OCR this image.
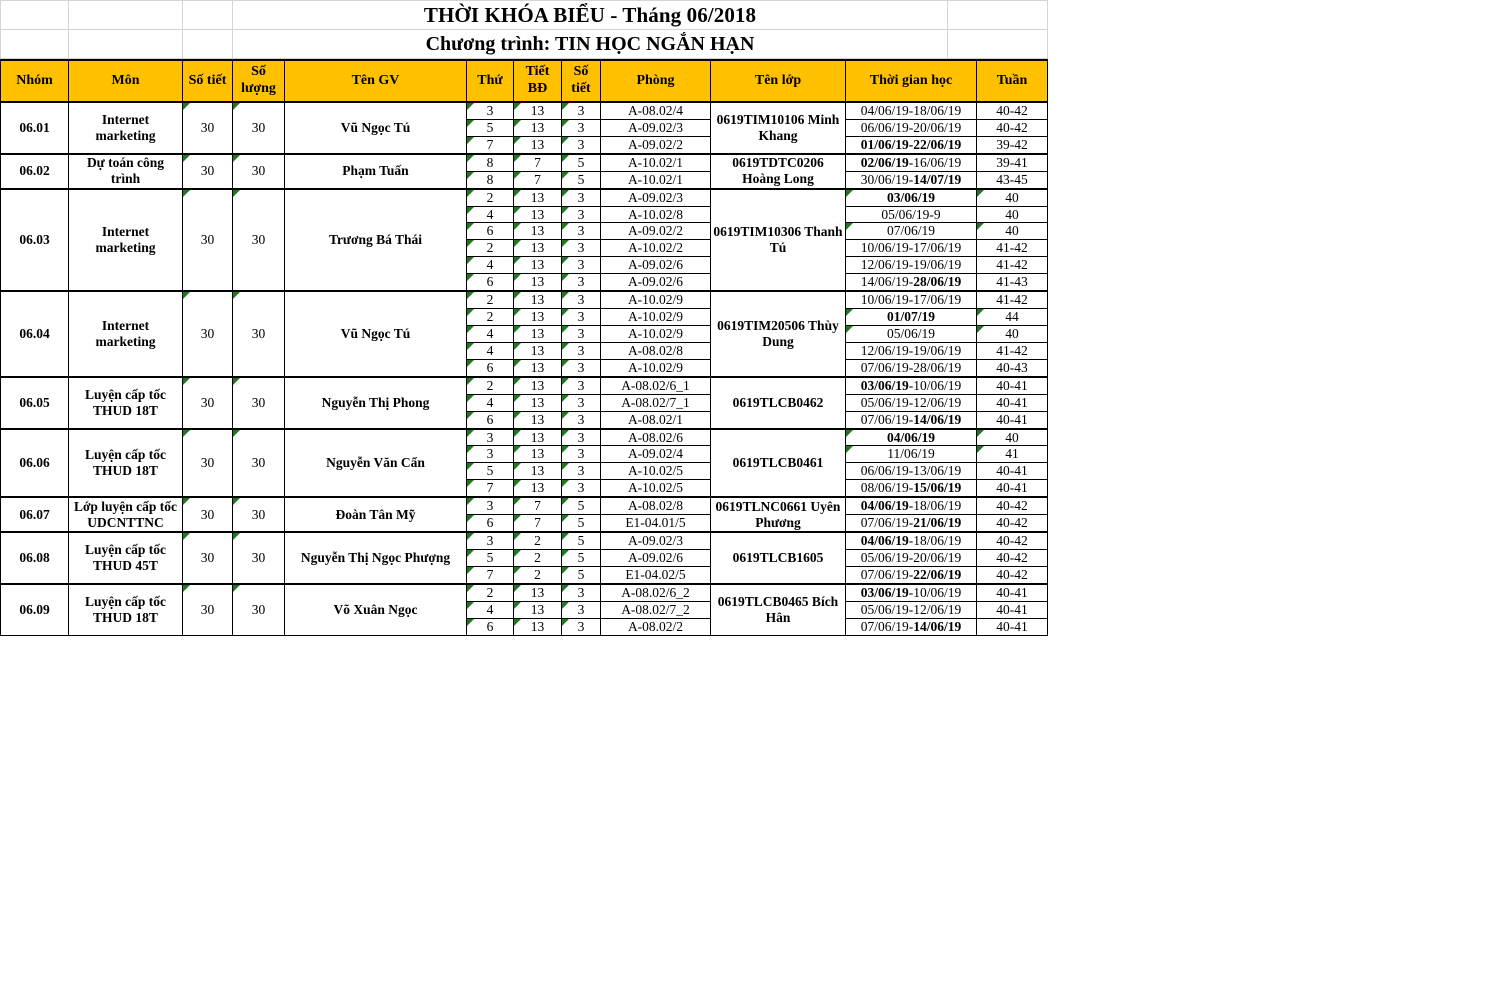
			THỜI KHÓA BIỂU - Tháng 06/2018	
			Chương trình: TIN HỌC NGẮN HẠN	
Nhóm	Môn	Số tiết	Số lượng	Tên GV	Thứ	Tiết BĐ	Số tiết	Phòng	Tên lớp	Thời gian học	Tuần
06.01	Internet marketing	30	30	Vũ Ngọc Tú	3	13	3	A-08.02/4	0619TIM10106 Minh Khang	04/06/19-18/06/19	40-42
					5	13	3	A-09.02/3		06/06/19-20/06/19	40-42
					7	13	3	A-09.02/2		01/06/19-22/06/19	39-42
06.02	Dự toán công trình	30	30	Phạm Tuấn	8	7	5	A-10.02/1	0619TDTC0206 Hoàng Long	02/06/19-16/06/19	39-41
					8	7	5	A-10.02/1		30/06/19-14/07/19	43-45
06.03	Internet marketing	30	30	Trương Bá Thái	2	13	3	A-09.02/3	0619TIM10306 Thanh Tú	03/06/19	40
					4	13	3	A-10.02/8		05/06/19-9	40
					6	13	3	A-09.02/2		07/06/19	40
					2	13	3	A-10.02/2		10/06/19-17/06/19	41-42
					4	13	3	A-09.02/6		12/06/19-19/06/19	41-42
					6	13	3	A-09.02/6		14/06/19-28/06/19	41-43
06.04	Internet marketing	30	30	Vũ Ngọc Tú	2	13	3	A-10.02/9	0619TIM20506 Thùy Dung	10/06/19-17/06/19	41-42
					2	13	3	A-10.02/9		01/07/19	44
					4	13	3	A-10.02/9		05/06/19	40
					4	13	3	A-08.02/8		12/06/19-19/06/19	41-42
					6	13	3	A-10.02/9		07/06/19-28/06/19	40-43
06.05	Luyện cấp tốc THUD 18T	30	30	Nguyễn Thị Phong	2	13	3	A-08.02/6_1	0619TLCB0462	03/06/19-10/06/19	40-41
					4	13	3	A-08.02/7_1		05/06/19-12/06/19	40-41
					6	13	3	A-08.02/1		07/06/19-14/06/19	40-41
06.06	Luyện cấp tốc THUD 18T	30	30	Nguyễn Văn Cẩn	3	13	3	A-08.02/6	0619TLCB0461	04/06/19	40
					3	13	3	A-09.02/4		11/06/19	41
					5	13	3	A-10.02/5		06/06/19-13/06/19	40-41
					7	13	3	A-10.02/5		08/06/19-15/06/19	40-41
06.07	Lớp luyện cấp tốc UDCNTTNC	30	30	Đoàn Tân Mỹ	3	7	5	A-08.02/8	0619TLNC0661 Uyên Phương	04/06/19-18/06/19	40-42
					6	7	5	E1-04.01/5		07/06/19-21/06/19	40-42
06.08	Luyện cấp tốc THUD 45T	30	30	Nguyễn Thị Ngọc Phượng	3	2	5	A-09.02/3	0619TLCB1605	04/06/19-18/06/19	40-42
					5	2	5	A-09.02/6		05/06/19-20/06/19	40-42
					7	2	5	E1-04.02/5		07/06/19-22/06/19	40-42
06.09	Luyện cấp tốc THUD 18T	30	30	Võ Xuân Ngọc	2	13	3	A-08.02/6_2	0619TLCB0465 Bích Hân	03/06/19-10/06/19	40-41
					4	13	3	A-08.02/7_2		05/06/19-12/06/19	40-41
					6	13	3	A-08.02/2		07/06/19-14/06/19	40-41
